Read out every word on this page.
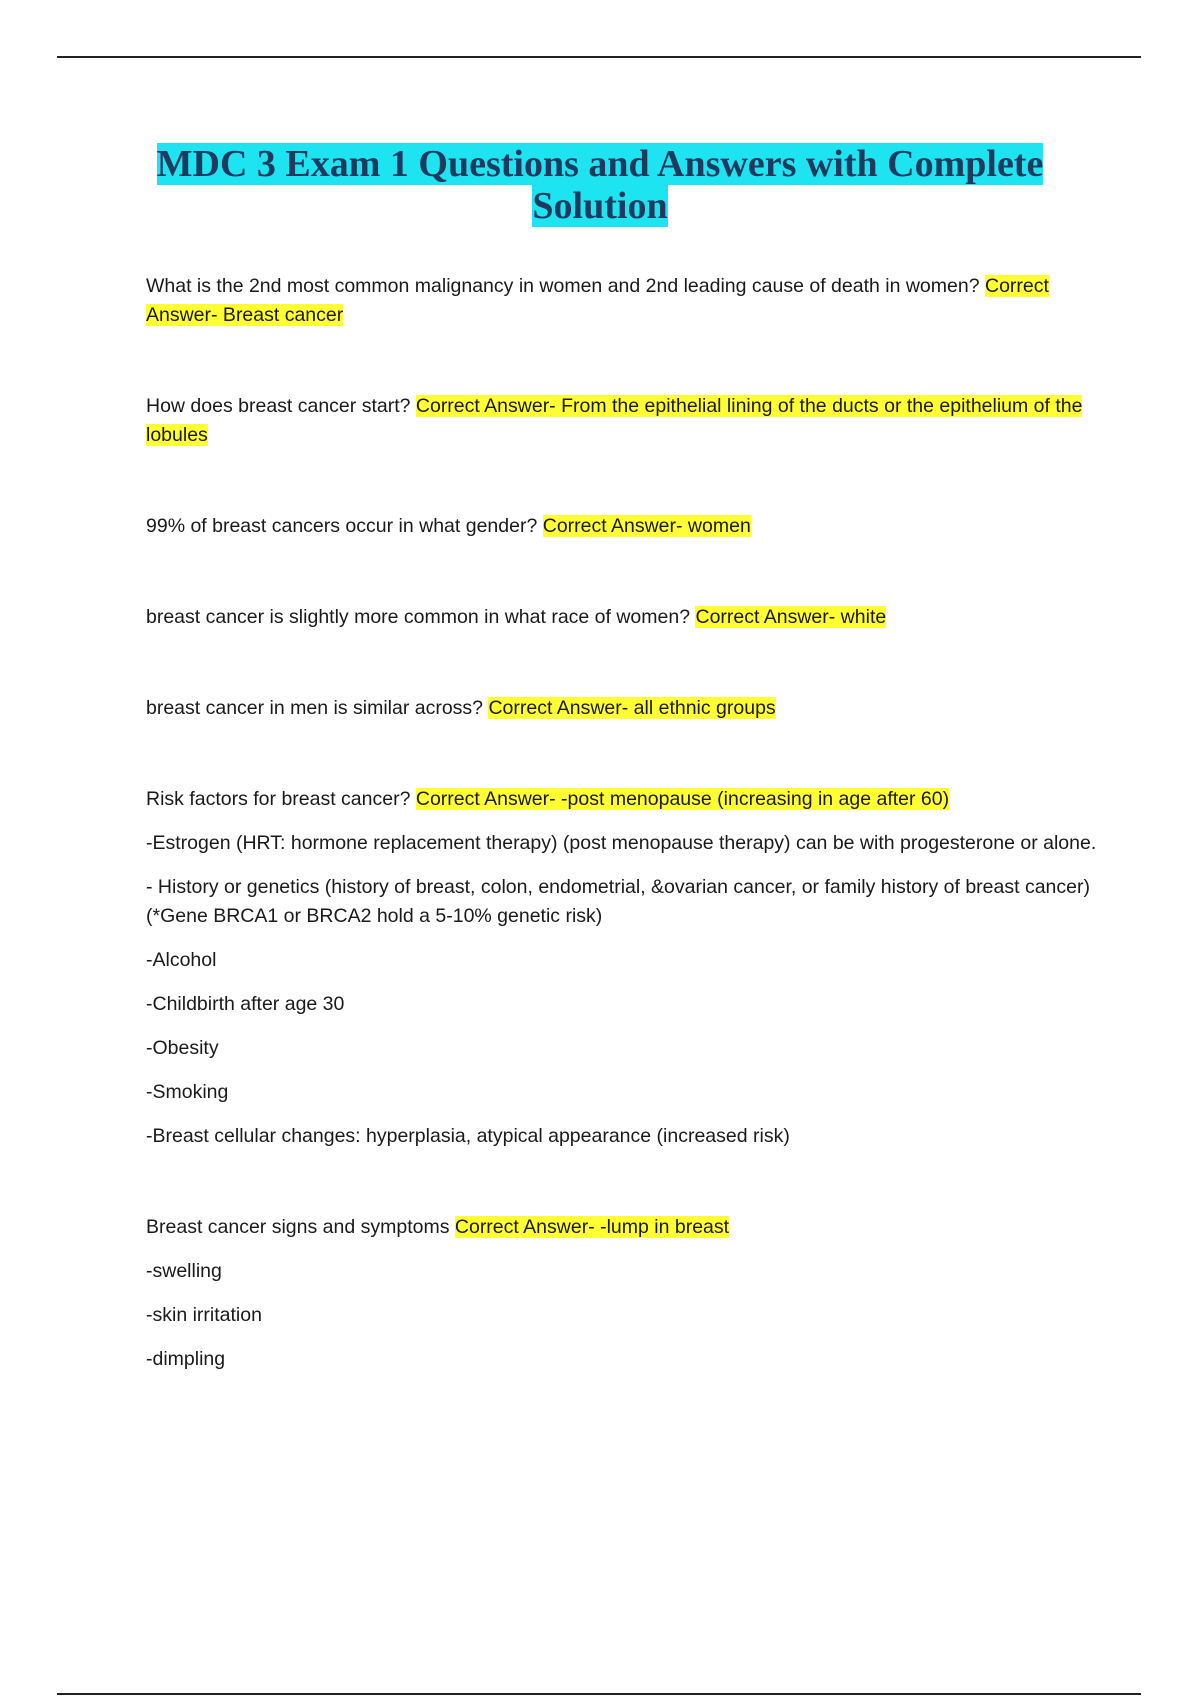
MDC 3 Exam 1 Questions and Answers with Complete
Solution

What is the 2nd most common malignancy in women and 2nd leading cause of death in women? Correct Answer- Breast cancer

How does breast cancer start? Correct Answer- From the epithelial lining of the ducts or the epithelium of the lobules

99% of breast cancers occur in what gender? Correct Answer- women

breast cancer is slightly more common in what race of women? Correct Answer- white

breast cancer in men is similar across? Correct Answer- all ethnic groups

Risk factors for breast cancer? Correct Answer- -post menopause (increasing in age after 60)

-Estrogen (HRT: hormone replacement therapy) (post menopause therapy) can be with progesterone or alone.

- History or genetics (history of breast, colon, endometrial, &ovarian cancer, or family history of breast cancer) (*Gene BRCA1 or BRCA2 hold a 5-10% genetic risk)

-Alcohol

-Childbirth after age 30

-Obesity

-Smoking

-Breast cellular changes: hyperplasia, atypical appearance (increased risk)

Breast cancer signs and symptoms Correct Answer- -lump in breast

-swelling

-skin irritation

-dimpling
